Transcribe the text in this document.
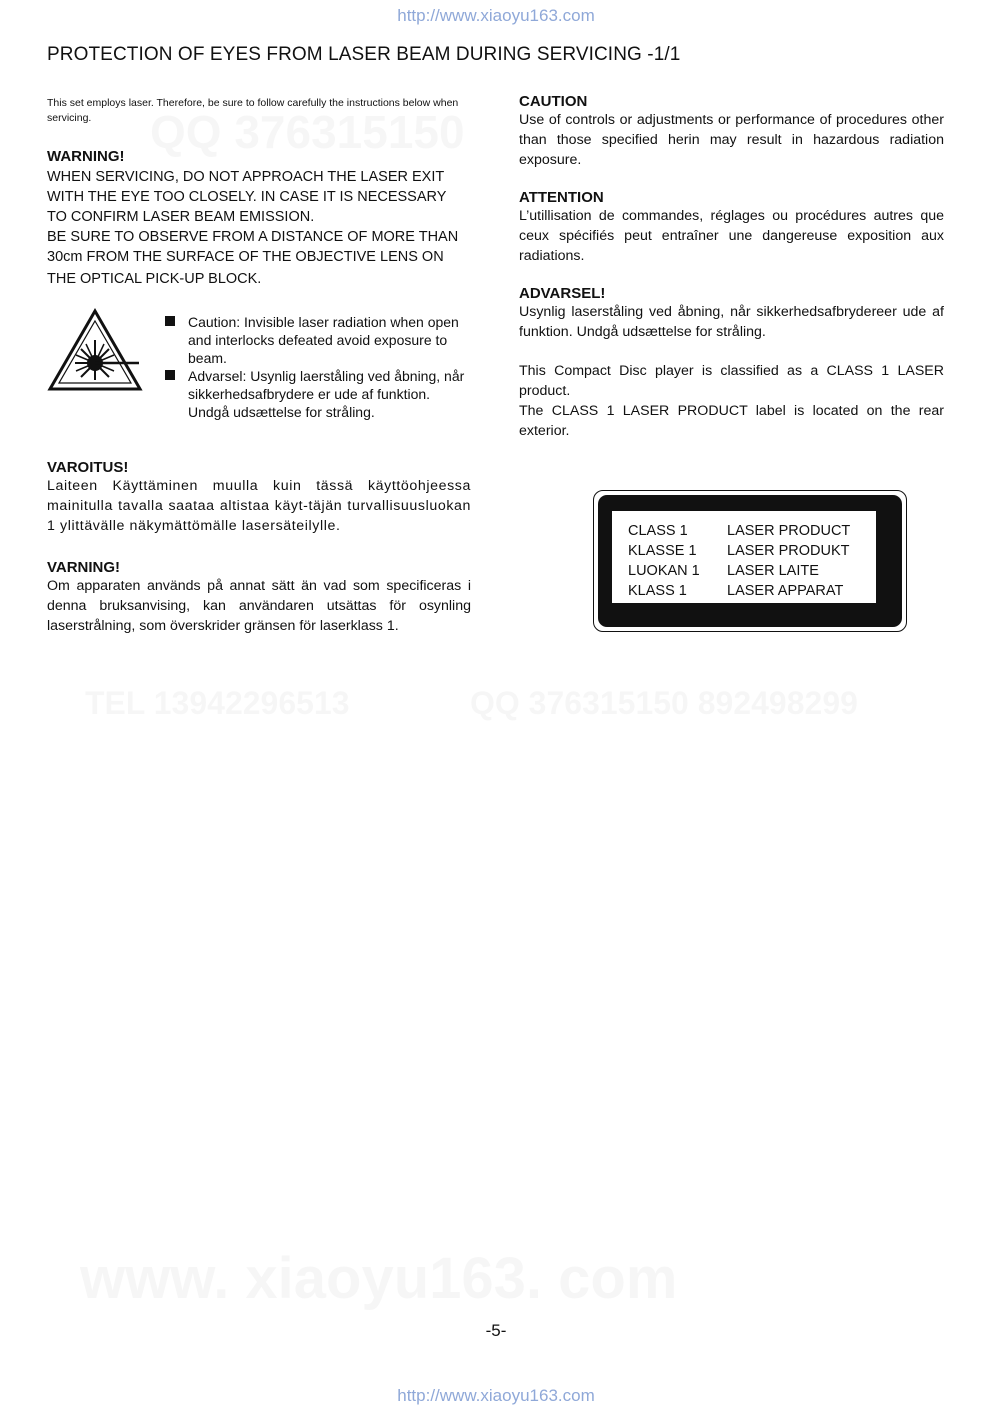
http://www.xiaoyu163.com
PROTECTION OF EYES FROM LASER BEAM DURING SERVICING -1/1

This set employs laser. Therefore, be sure to follow carefully the instructions below when servicing.

WARNING!

WHEN SERVICING, DO NOT APPROACH THE LASER EXIT

WITH THE EYE TOO CLOSELY. IN CASE IT IS NECESSARY

TO CONFIRM LASER BEAM EMISSION.

BE SURE TO OBSERVE FROM A DISTANCE OF MORE THAN

30cm FROM THE SURFACE OF THE OBJECTIVE LENS ON

THE OPTICAL PICK-UP BLOCK.

Caution: Invisible laser radiation when open and interlocks defeated avoid exposure to beam.
Advarsel: Usynlig laerståling ved åbning, når sikkerhedsafbrydere er ude af funktion. Undgå udsættelse for stråling.

VAROITUS!

Laiteen Käyttäminen muulla kuin tässä käyttöohjeessa mainitulla tavalla saataa altistaa käyt-täjän turvallisuusluokan 1 ylittävälle näkymättömälle lasersäteilylle.

VARNING!

Om apparaten används på annat sätt än vad som specificeras i denna bruksanvising, kan användaren utsättas för osynling laserstrålning, som överskrider gränsen för laserklass 1.

CAUTION

Use of controls or adjustments or performance of procedures other than those specified herin may result in hazardous radiation exposure.

ATTENTION

L’utillisation de commandes, réglages ou procédures autres que ceux spécifiés peut entraîner une dangereuse exposition aux radiations.

ADVARSEL!

Usynlig laserståling ved åbning, når sikkerhedsafbrydereer ude af funktion. Undgå udsættelse for stråling.

This Compact Disc player is classified as a CLASS 1 LASER product.

The CLASS 1 LASER PRODUCT label is located on the rear exterior.

CLASS 1	LASER PRODUCT
KLASSE 1 LASER PRODUKT
LUOKAN 1 LASER LAITE
KLASS 1	LASER APPARAT
-5-
http://www.xiaoyu163.com
